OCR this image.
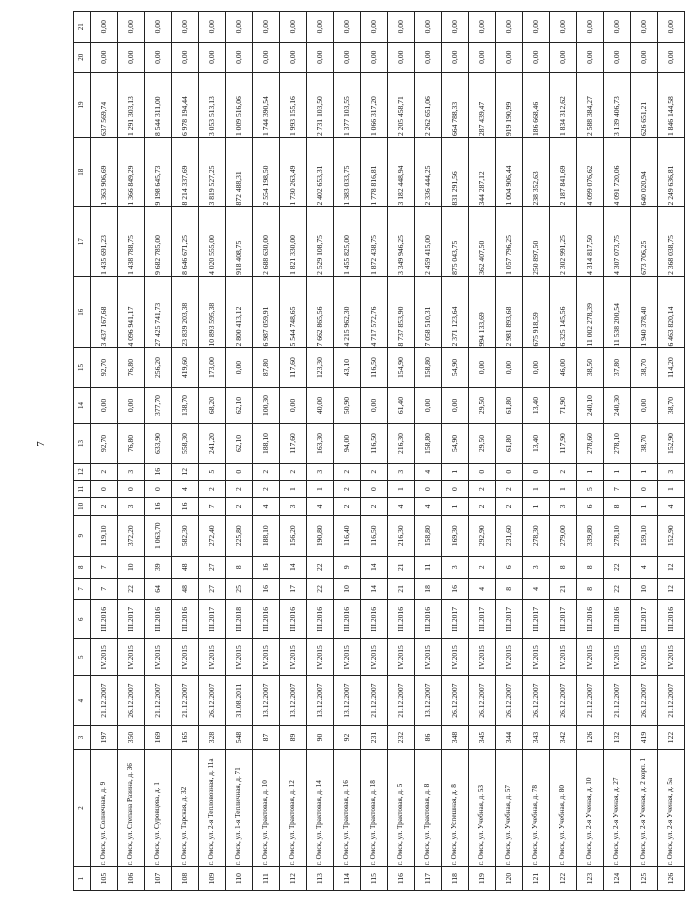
7
1	2	3	4	5	6	7	8	9	10	11	12	13	14	15	16	17	18	19	20	21
105	г. Омск, ул. Солнечная, д. 9	197	21.12.2007	IV.2015	III.2016	7	7	119,10	2	0	2	92,70	0,00	92,70	3 437 167,68	1 435 691,23	1 363 906,69	637 569,74	0,00	0,00
106	г. Омск, ул. Степана Разина, д. 36	350	26.12.2007	IV.2015	III.2017	22	10	372,20	3	0	3	76,80	0,00	76,80	4 096 941,17	1 438 788,75	1 366 849,29	1 291 303,13	0,00	0,00
107	г. Омск, ул. Суровцева, д. 1	169	21.12.2007	IV.2015	III.2016	64	39	1 063,70	16	0	16	633,90	377,70	256,20	27 425 741,73	9 682 785,00	9 198 645,73	8 544 311,00	0,00	0,00
108	г. Омск, ул. Тарская, д. 32	165	21.12.2007	IV.2015	III.2016	48	48	582,30	16	4	12	558,30	138,70	419,60	23 839 203,38	8 646 671,25	8 214 337,69	6 978 194,44	0,00	0,00
109	г. Омск, ул. 2-я Тепловозная, д. 11а	328	26.12.2007	IV.2015	III.2017	27	27	272,40	7	2	5	241,20	68,20	173,00	10 893 595,38	4 020 555,00	3 819 527,25	3 053 513,13	0,00	0,00
110	г. Омск, ул. 1-я Тепличная, д. 71	548	31.08.2011	IV.2015	III.2018	25	8	225,80	2	2	0	62,10	62,10	0,00	2 800 413,12	918 408,75	872 488,31	1 009 516,06	0,00	0,00
111	г. Омск, ул. Трактовая, д. 10	87	13.12.2007	IV.2015	III.2016	16	16	188,10	4	2	2	188,10	100,30	87,80	6 987 059,91	2 688 630,00	2 554 198,50	1 744 390,54	0,00	0,00
112	г. Омск, ул. Трактовая, д. 12	89	13.12.2007	IV.2015	III.2016	17	14	156,20	3	1	2	117,60	0,00	117,60	5 544 748,65	1 821 330,00	1 730 263,49	1 993 155,16	0,00	0,00
113	г. Омск, ул. Трактовая, д. 14	90	13.12.2007	IV.2015	III.2016	22	22	190,80	4	1	3	163,30	40,00	123,30	7 662 865,56	2 529 108,75	2 402 653,31	2 731 103,50	0,00	0,00
114	г. Омск, ул. Трактовая, д. 16	92	13.12.2007	IV.2015	III.2016	10	9	116,40	2	2	2	94,00	50,90	43,10	4 215 962,30	1 455 825,00	1 383 033,75	1 377 103,55	0,00	0,00
115	г. Омск, ул. Трактовая, д. 18	231	21.12.2007	IV.2015	III.2016	14	14	116,50	2	0	2	116,50	0,00	116,50	4 717 572,76	1 872 438,75	1 778 816,81	1 066 317,20	0,00	0,00
116	г. Омск, ул. Трактовая, д. 5	232	21.12.2007	IV.2015	III.2016	21	21	216,30	4	1	3	216,30	61,40	154,90	8 737 853,90	3 349 946,25	3 182 448,94	2 205 458,71	0,00	0,00
117	г. Омск, ул. Трактовая, д. 8	86	13.12.2007	IV.2015	III.2016	18	11	158,80	4	0	4	158,80	0,00	158,80	7 058 510,31	2 459 415,00	2 336 444,25	2 262 651,06	0,00	0,00
118	г. Омск, ул. Успешная, д. 8	348	26.12.2007	IV.2015	III.2017	16	3	169,30	1	0	1	54,90	0,00	54,90	2 371 123,64	875 043,75	831 291,56	664 788,33	0,00	0,00
119	г. Омск, ул. Учебная, д. 53	345	26.12.2007	IV.2015	III.2017	4	2	292,90	2	2	0	29,50	29,50	0,00	994 133,69	362 407,50	344 287,12	287 439,47	0,00	0,00
120	г. Омск, ул. Учебная, д. 57	344	26.12.2007	IV.2015	III.2017	8	6	231,60	2	2	0	61,80	61,80	0,00	2 981 893,68	1 057 796,25	1 004 906,44	919 190,99	0,00	0,00
121	г. Омск, ул. Учебная, д. 78	343	26.12.2007	IV.2015	III.2017	4	3	278,30	1	1	0	13,40	13,40	0,00	675 918,59	250 897,50	238 352,63	186 668,46	0,00	0,00
122	г. Омск, ул. Учебная, д. 80	342	26.12.2007	IV.2015	III.2017	21	8	279,00	3	1	2	117,90	71,90	46,00	6 325 145,56	2 302 991,25	2 187 841,69	1 834 312,62	0,00	0,00
123	г. Омск, ул. 2-я Ученая, д. 10	126	21.12.2007	IV.2015	III.2016	8	8	339,80	6	5	1	278,60	240,10	38,50	11 002 278,39	4 314 817,50	4 099 076,62	2 588 384,27	0,00	0,00
124	г. Омск, ул. 2-я Ученая, д. 27	132	21.12.2007	IV.2015	III.2016	22	22	278,10	8	7	1	278,10	240,30	37,80	11 538 200,54	4 307 073,75	4 091 720,06	3 139 406,73	0,00	0,00
125	г. Омск, ул. 2-я Ученая, д. 2 корп. 1	419	26.12.2007	IV.2015	III.2017	10	4	159,10	1	0	1	38,70	0,00	38,70	1 940 378,40	673 706,25	640 020,94	626 651,21	0,00	0,00
126	г. Омск, ул. 2-я Ученая, д. 5а	122	21.12.2007	IV.2015	III.2016	12	12	152,90	4	1	3	152,90	38,70	114,20	6 463 820,14	2 368 038,75	2 249 636,81	1 846 144,58	0,00	0,00
